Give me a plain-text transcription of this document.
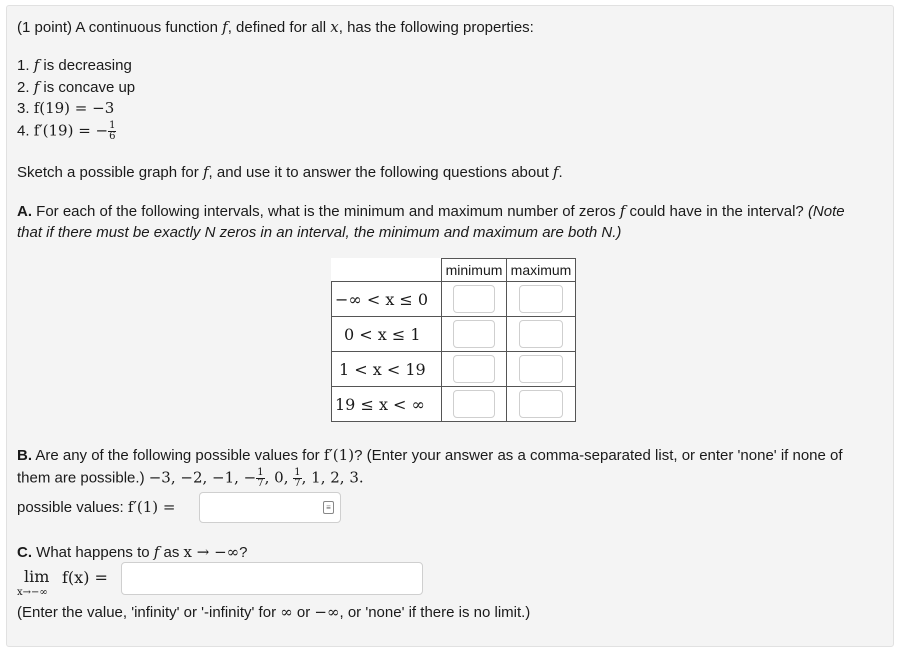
(1 point) A continuous function f, defined for all x, has the following properties:
1. f is decreasing
2. f is concave up
3. f(19) = −3
4. f′(19) = − $\frac{1}{6}$
Sketch a possible graph for f, and use it to answer the following questions about f.
A. For each of the following intervals, what is the minimum and maximum number of zeros f could have in the interval? (Note
that if there must be exactly N zeros in an interval, the minimum and maximum are both N.)
	minimum	maximum
−∞ < x ≤ 0		
0 < x ≤ 1		
1 < x < 19		
19 ≤ x < ∞		
B. Are any of the following possible values for f′(1)? (Enter your answer as a comma-separated list, or enter 'none' if none of
them are possible.) −3, −2, −1, − $\frac{1}{7}$ , 0, $\frac{1}{7}$ , 1, 2, 3.
possible values: f′(1) =	≡
C. What happens to f as x → −∞?
lim
x→−∞
f(x) =
(Enter the value, 'infinity' or '-infinity' for ∞ or −∞, or 'none' if there is no limit.)
